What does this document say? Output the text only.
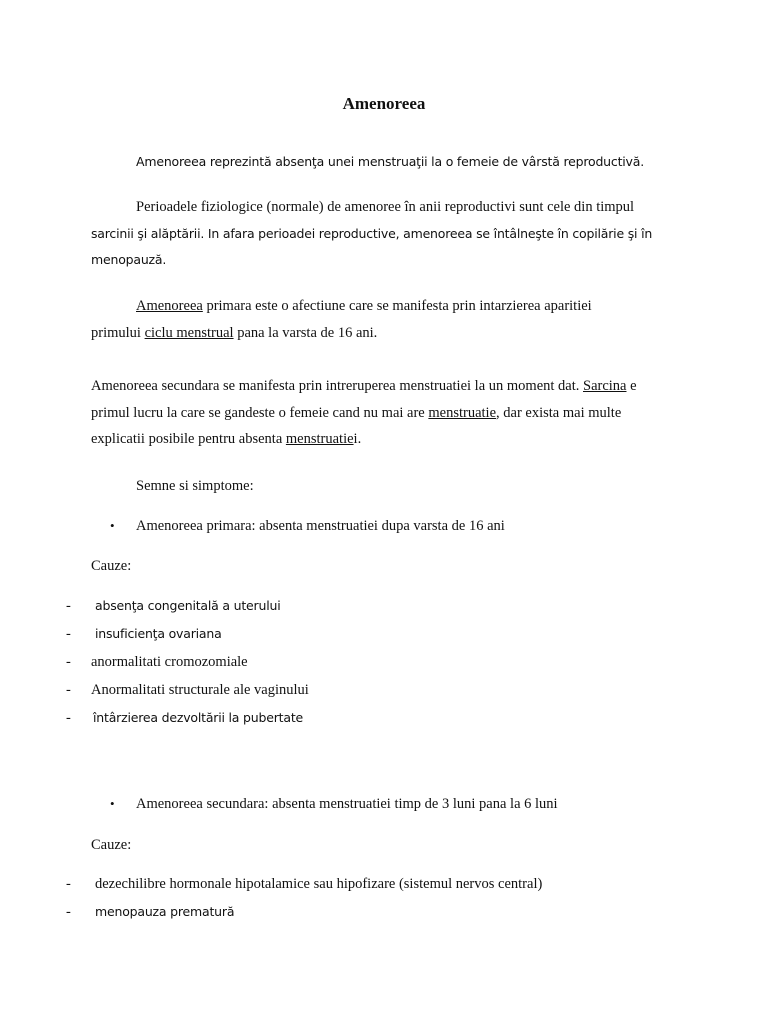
Amenoreea
Amenoreea reprezintă absenţa unei menstruaţii la o femeie de vârstă reproductivă.
Perioadele fiziologice (normale) de amenoree în anii reproductivi sunt cele din timpul
sarcinii şi alăptării. In afara perioadei reproductive, amenoreea se întâlneşte în copilărie şi în
menopauză.
Amenoreea primara este o afectiune care se manifesta prin intarzierea aparitiei
primului ciclu menstrual pana la varsta de 16 ani.
Amenoreea secundara se manifesta prin intreruperea menstruatiei la un moment dat. Sarcina e
primul lucru la care se gandeste o femeie cand nu mai are menstruatie, dar exista mai multe
explicatii posibile pentru absenta menstruatiei.
Semne si simptome:
• Amenoreea primara: absenta menstruatiei dupa varsta de 16 ani
Cauze:
- absenţa congenitală a uterului
- insuficienţa ovariana
- anormalitati cromozomiale
- Anormalitati structurale ale vaginului
- întârzierea dezvoltării la pubertate
• Amenoreea secundara: absenta menstruatiei timp de 3 luni pana la 6 luni
Cauze:
- dezechilibre hormonale hipotalamice sau hipofizare (sistemul nervos central)
- menopauza prematură
